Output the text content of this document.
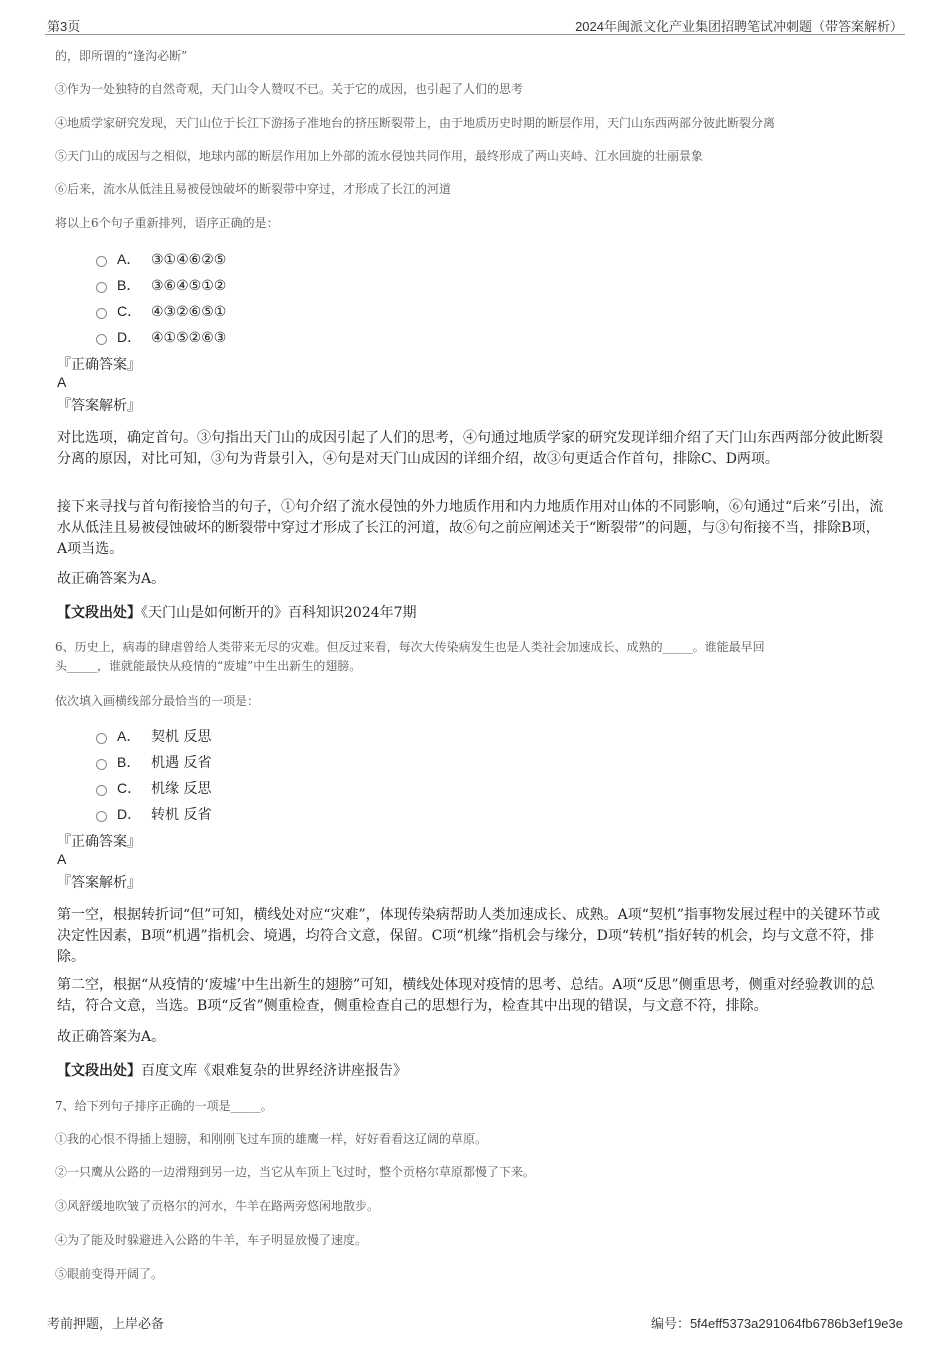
第3页	2024年闽派文化产业集团招聘笔试冲刺题（带答案解析）
的，即所谓的“逢沟必断”
③作为一处独特的自然奇观，天门山令人赞叹不已。关于它的成因，也引起了人们的思考
④地质学家研究发现，天门山位于长江下游扬子准地台的挤压断裂带上，由于地质历史时期的断层作用，天门山东西两部分彼此断裂分离
⑤天门山的成因与之相似，地球内部的断层作用加上外部的流水侵蚀共同作用，最终形成了两山夹峙、江水回旋的壮丽景象
⑥后来，流水从低洼且易被侵蚀破坏的断裂带中穿过，才形成了长江的河道
将以上6个句子重新排列，语序正确的是：
A． ③①④⑥②⑤
B． ③⑥④⑤①②
C． ④③②⑥⑤①
D． ④①⑤②⑥③
『正确答案』
A
『答案解析』
对比选项，确定首句。③句指出天门山的成因引起了人们的思考，④句通过地质学家的研究发现详细介绍了天门山东西两部分彼此断裂分离的原因，对比可知，③句为背景引入，④句是对天门山成因的详细介绍，故③句更适合作首句，排除C、D两项。
接下来寻找与首句衔接恰当的句子，①句介绍了流水侵蚀的外力地质作用和内力地质作用对山体的不同影响，⑥句通过“后来”引出，流水从低洼且易被侵蚀破坏的断裂带中穿过才形成了长江的河道，故⑥句之前应阐述关于“断裂带”的问题，与③句衔接不当，排除B项，A项当选。
故正确答案为A。
【文段出处】《天门山是如何断开的》百科知识2024年7期
6、历史上，病毒的肆虐曾给人类带来无尽的灾难。但反过来看，每次大传染病发生也是人类社会加速成长、成熟的_____。谁能最早回
头_____，谁就能最快从疫情的“废墟”中生出新生的翅膀。
依次填入画横线部分最恰当的一项是：
A． 契机 反思
B． 机遇 反省
C． 机缘 反思
D． 转机 反省
『正确答案』
A
『答案解析』
第一空，根据转折词“但”可知，横线处对应“灾难”，体现传染病帮助人类加速成长、成熟。A项“契机”指事物发展过程中的关键环节或决定性因素，B项“机遇”指机会、境遇，均符合文意，保留。C项“机缘”指机会与缘分，D项“转机”指好转的机会，均与文意不符，排除。
第二空，根据“从疫情的‘废墟’中生出新生的翅膀”可知，横线处体现对疫情的思考、总结。A项“反思”侧重思考，侧重对经验教训的总结，符合文意，当选。B项“反省”侧重检查，侧重检查自己的思想行为，检查其中出现的错误，与文意不符，排除。
故正确答案为A。
【文段出处】百度文库《艰难复杂的世界经济讲座报告》
7、给下列句子排序正确的一项是_____。
①我的心恨不得插上翅膀，和刚刚飞过车顶的雄鹰一样，好好看看这辽阔的草原。
②一只鹰从公路的一边滑翔到另一边，当它从车顶上飞过时，整个贡格尔草原都慢了下来。
③风舒缓地吹皱了贡格尔的河水，牛羊在路两旁悠闲地散步。
④为了能及时躲避进入公路的牛羊，车子明显放慢了速度。
⑤眼前变得开阔了。
考前押题，上岸必备	编号：5f4eff5373a291064fb6786b3ef19e3e
